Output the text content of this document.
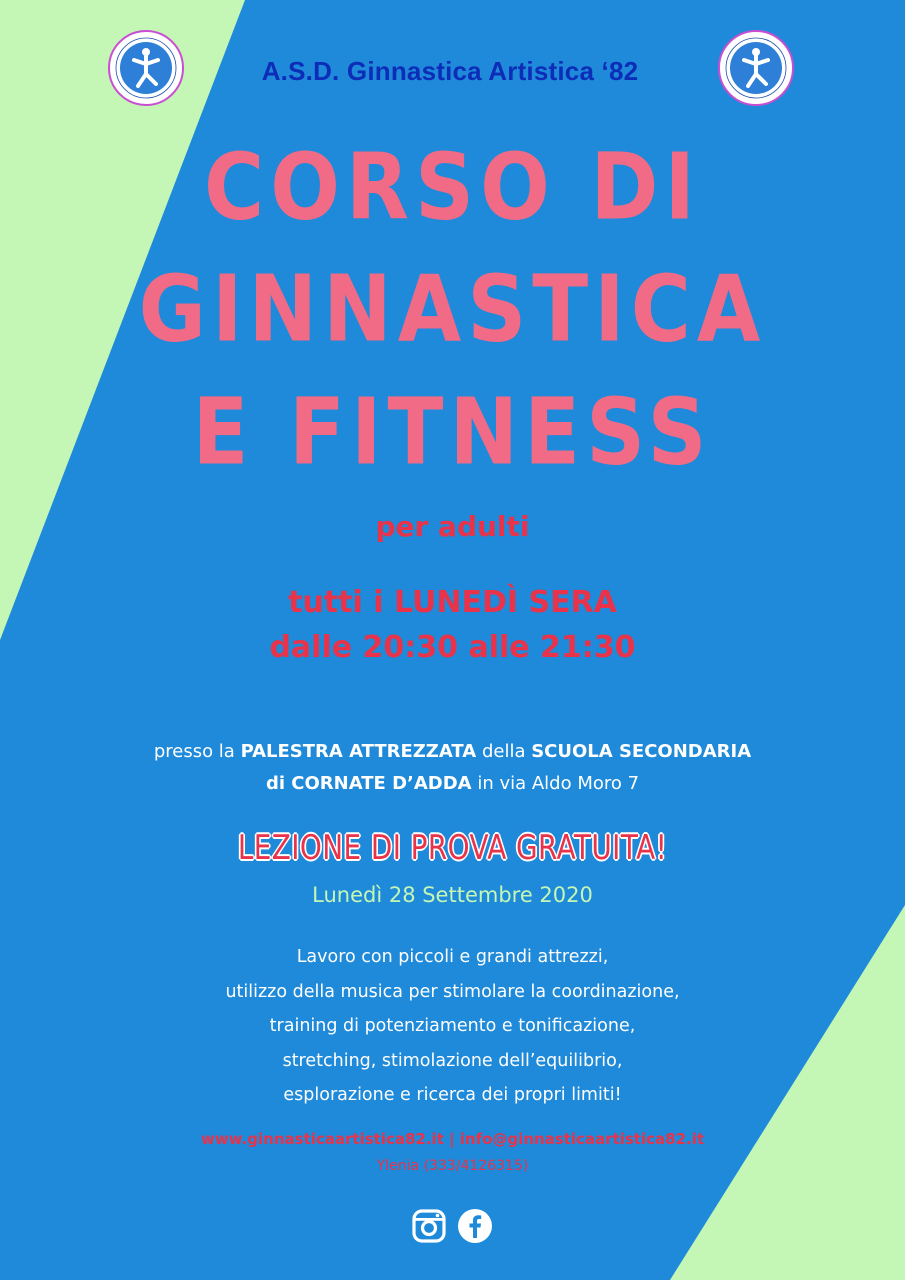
A.S.D. Ginnastica Artistica ‘82
CORSO DI
GINNASTICA
E FITNESS
per adulti
tutti i LUNEDÌ SERA
dalle 20:30 alle 21:30
presso la PALESTRA ATTREZZATA della SCUOLA SECONDARIA
di CORNATE D’ADDA in via Aldo Moro 7
LEZIONE DI PROVA GRATUITA!
Lunedì 28 Settembre 2020
Lavoro con piccoli e grandi attrezzi,
utilizzo della musica per stimolare la coordinazione,
training di potenziamento e tonificazione,
stretching, stimolazione dell’equilibrio,
esplorazione e ricerca dei propri limiti!
www.ginnasticaartistica82.it | info@ginnasticaartistica82.it
Ylenia (333/4126315)
